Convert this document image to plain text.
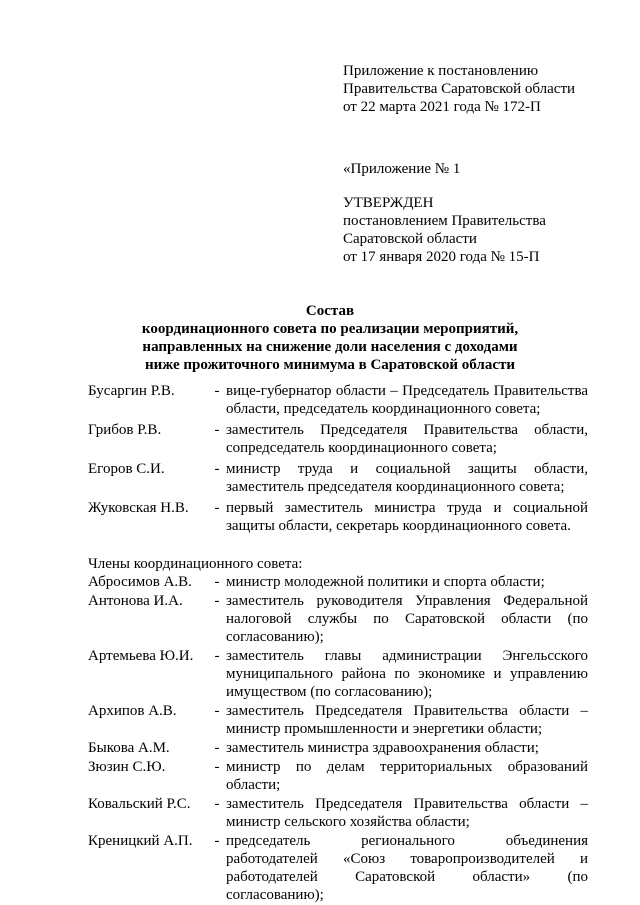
Приложение к постановлению
Правительства Саратовской области
от 22 марта 2021 года № 172-П
«Приложение № 1
УТВЕРЖДЕН
постановлением Правительства
Саратовской области
от 17 января 2020 года № 15-П
Состав
координационного совета по реализации мероприятий,
направленных на снижение доли населения с доходами
ниже прожиточного минимума в Саратовской области
Бусаргин Р.В.	-	вице-губернатор области – Председатель Правительства области, председатель координационного совета;
Грибов Р.В.	-	заместитель Председателя Правительства области, сопредседатель координационного совета;
Егоров С.И.	-	министр труда и социальной защиты области, заместитель председателя координационного совета;
Жуковская Н.В.	-	первый заместитель министра труда и социальной защиты области, секретарь координационного совета.
Члены координационного совета:		
Абросимов А.В.	-	министр молодежной политики и спорта области;
Антонова И.А.	-	заместитель руководителя Управления Федеральной налоговой службы по Саратовской области (по согласованию);
Артемьева Ю.И.	-	заместитель главы администрации Энгельсского муниципального района по экономике и управлению имуществом (по согласованию);
Архипов А.В.	-	заместитель Председателя Правительства области – министр промышленности и энергетики области;
Быкова А.М.	-	заместитель министра здравоохранения области;
Зюзин С.Ю.	-	министр по делам территориальных образований области;
Ковальский Р.С.	-	заместитель Председателя Правительства области – министр сельского хозяйства области;
Креницкий А.П.	-	председатель регионального объединения работодателей «Союз товаропроизводителей и работодателей Саратовской области» (по согласованию);
